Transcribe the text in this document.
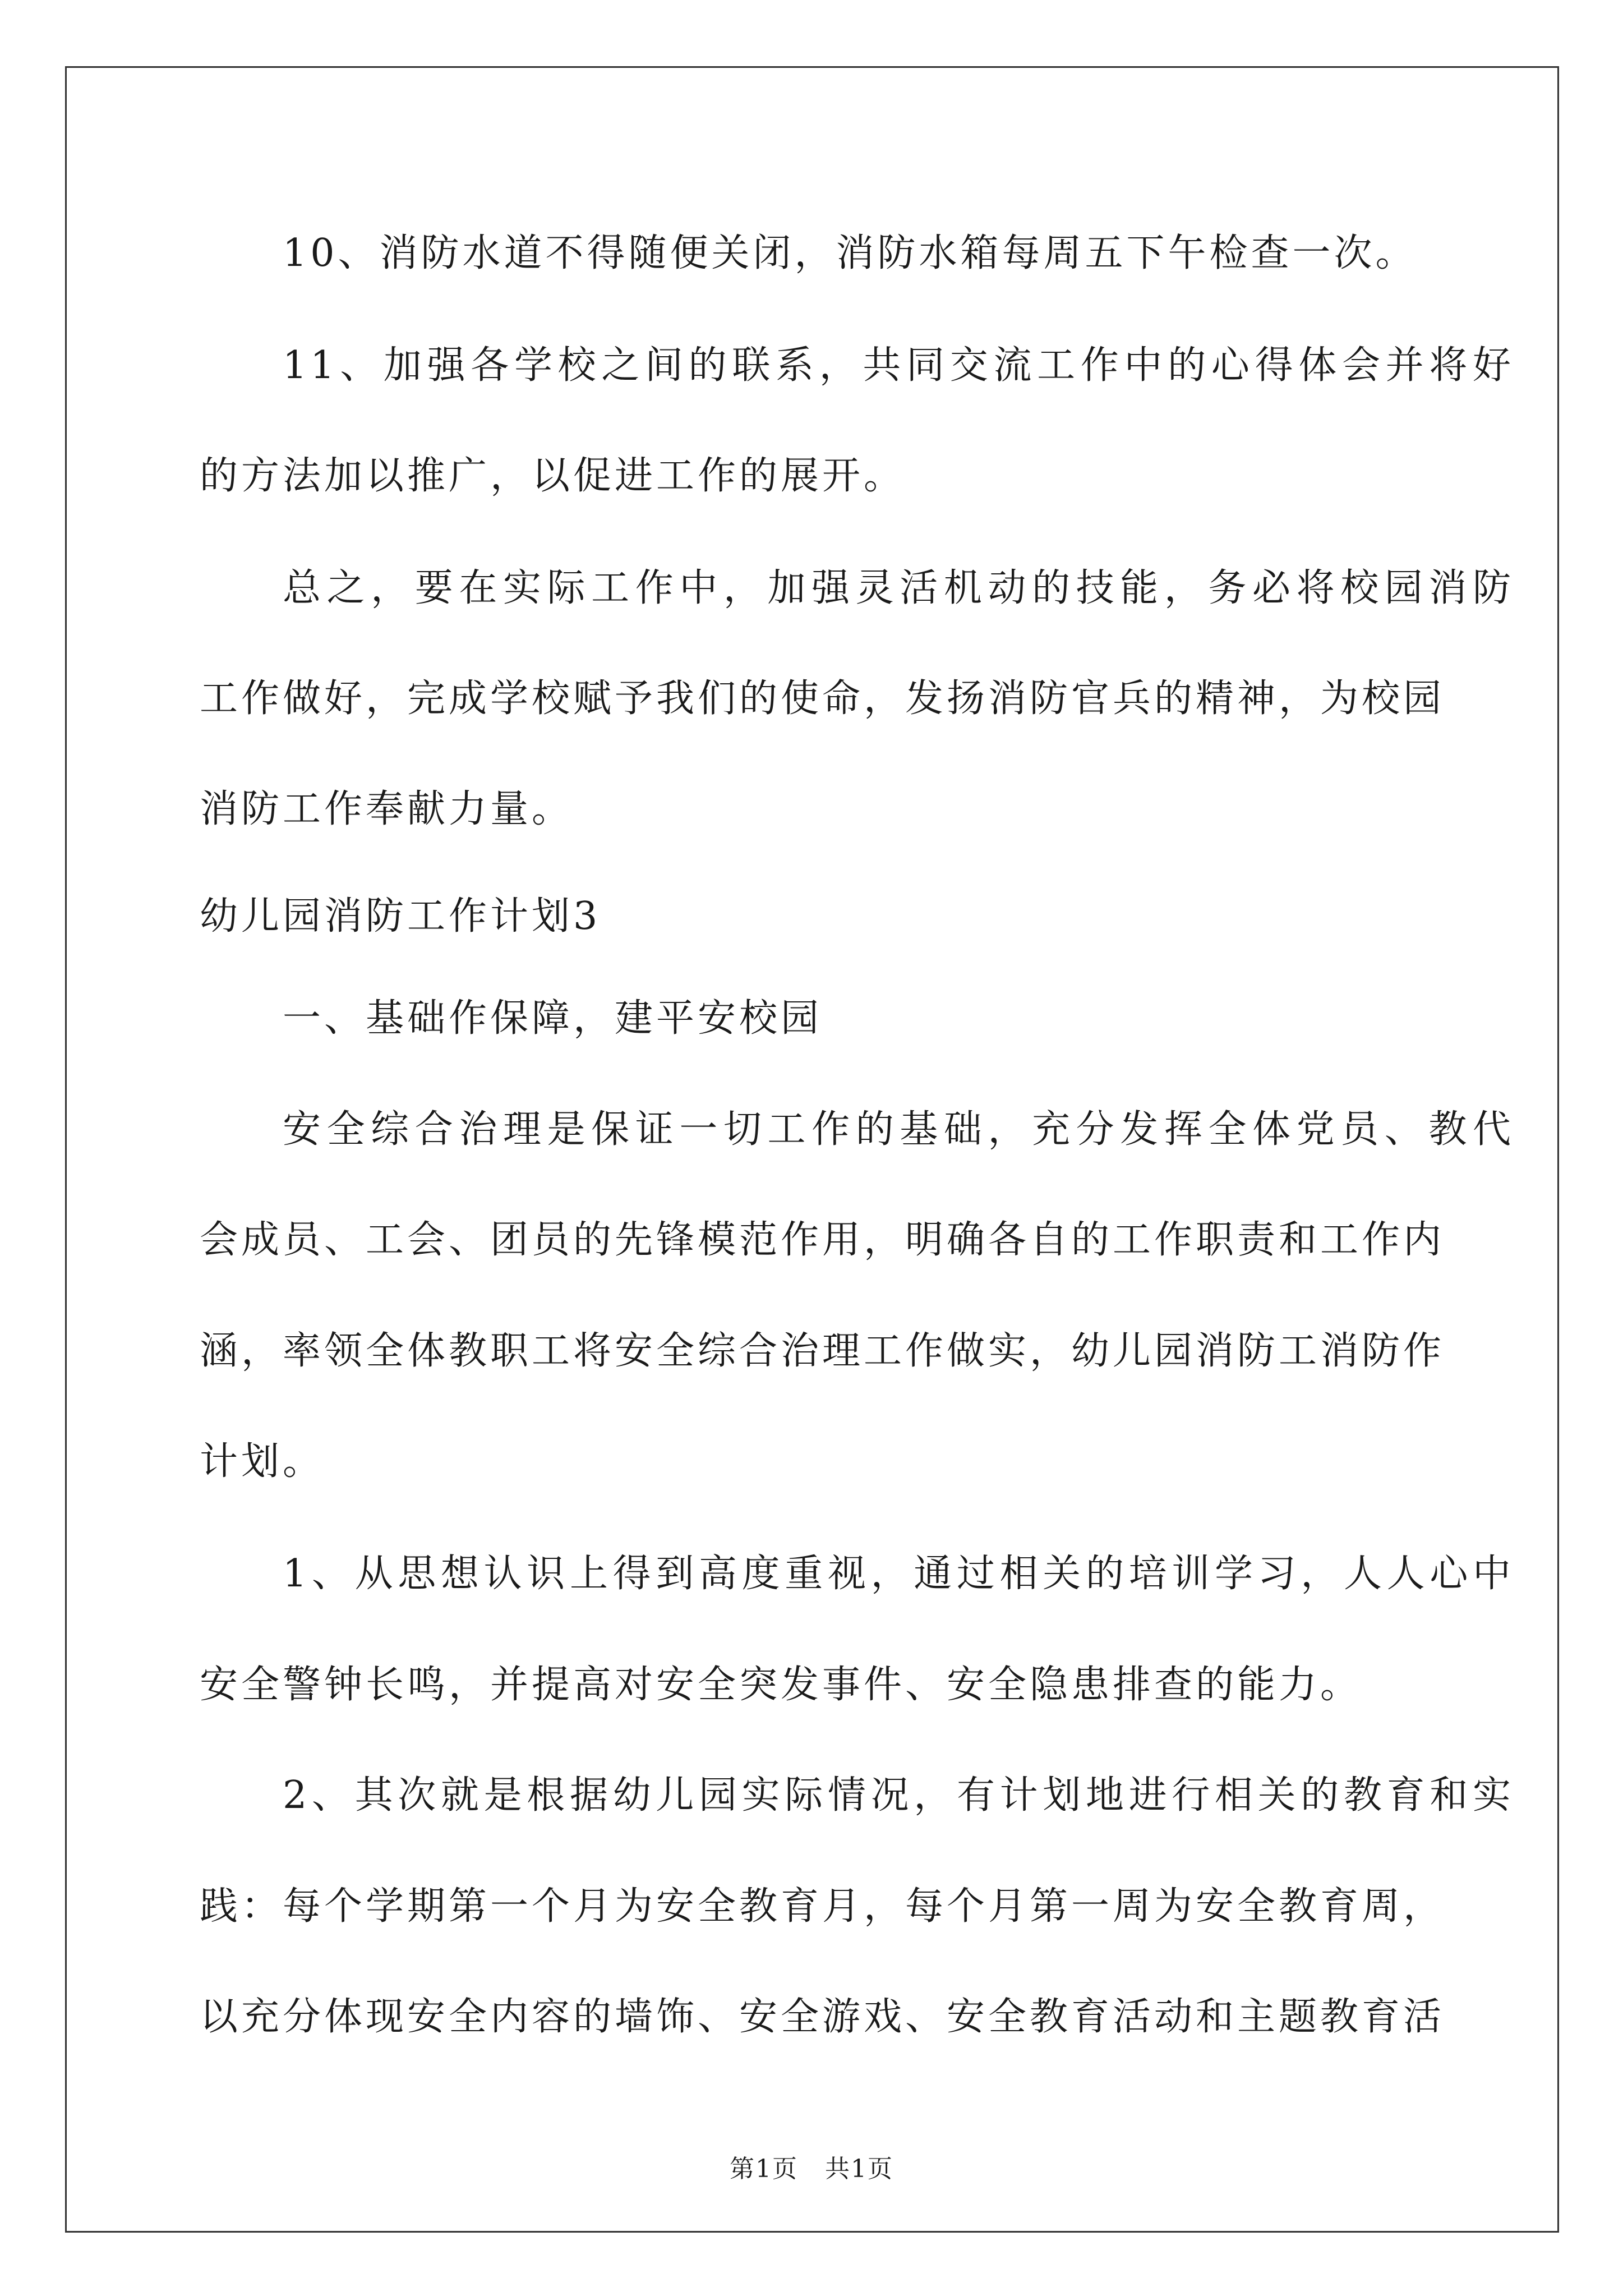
10、消防水道不得随便关闭，消防水箱每周五下午检查一次。
11、加强各学校之间的联系，共同交流工作中的心得体会并将好
的方法加以推广，以促进工作的展开。
总之，要在实际工作中，加强灵活机动的技能，务必将校园消防
工作做好，完成学校赋予我们的使命，发扬消防官兵的精神，为校园
消防工作奉献力量。
幼儿园消防工作计划3
一、基础作保障，建平安校园
安全综合治理是保证一切工作的基础，充分发挥全体党员、教代
会成员、工会、团员的先锋模范作用，明确各自的工作职责和工作内
涵，率领全体教职工将安全综合治理工作做实，幼儿园消防工消防作
计划。
1、从思想认识上得到高度重视，通过相关的培训学习，人人心中
安全警钟长鸣，并提高对安全突发事件、安全隐患排查的能力。
2、其次就是根据幼儿园实际情况，有计划地进行相关的教育和实
践：每个学期第一个月为安全教育月，每个月第一周为安全教育周，
以充分体现安全内容的墙饰、安全游戏、安全教育活动和主题教育活
第1页 共1页
